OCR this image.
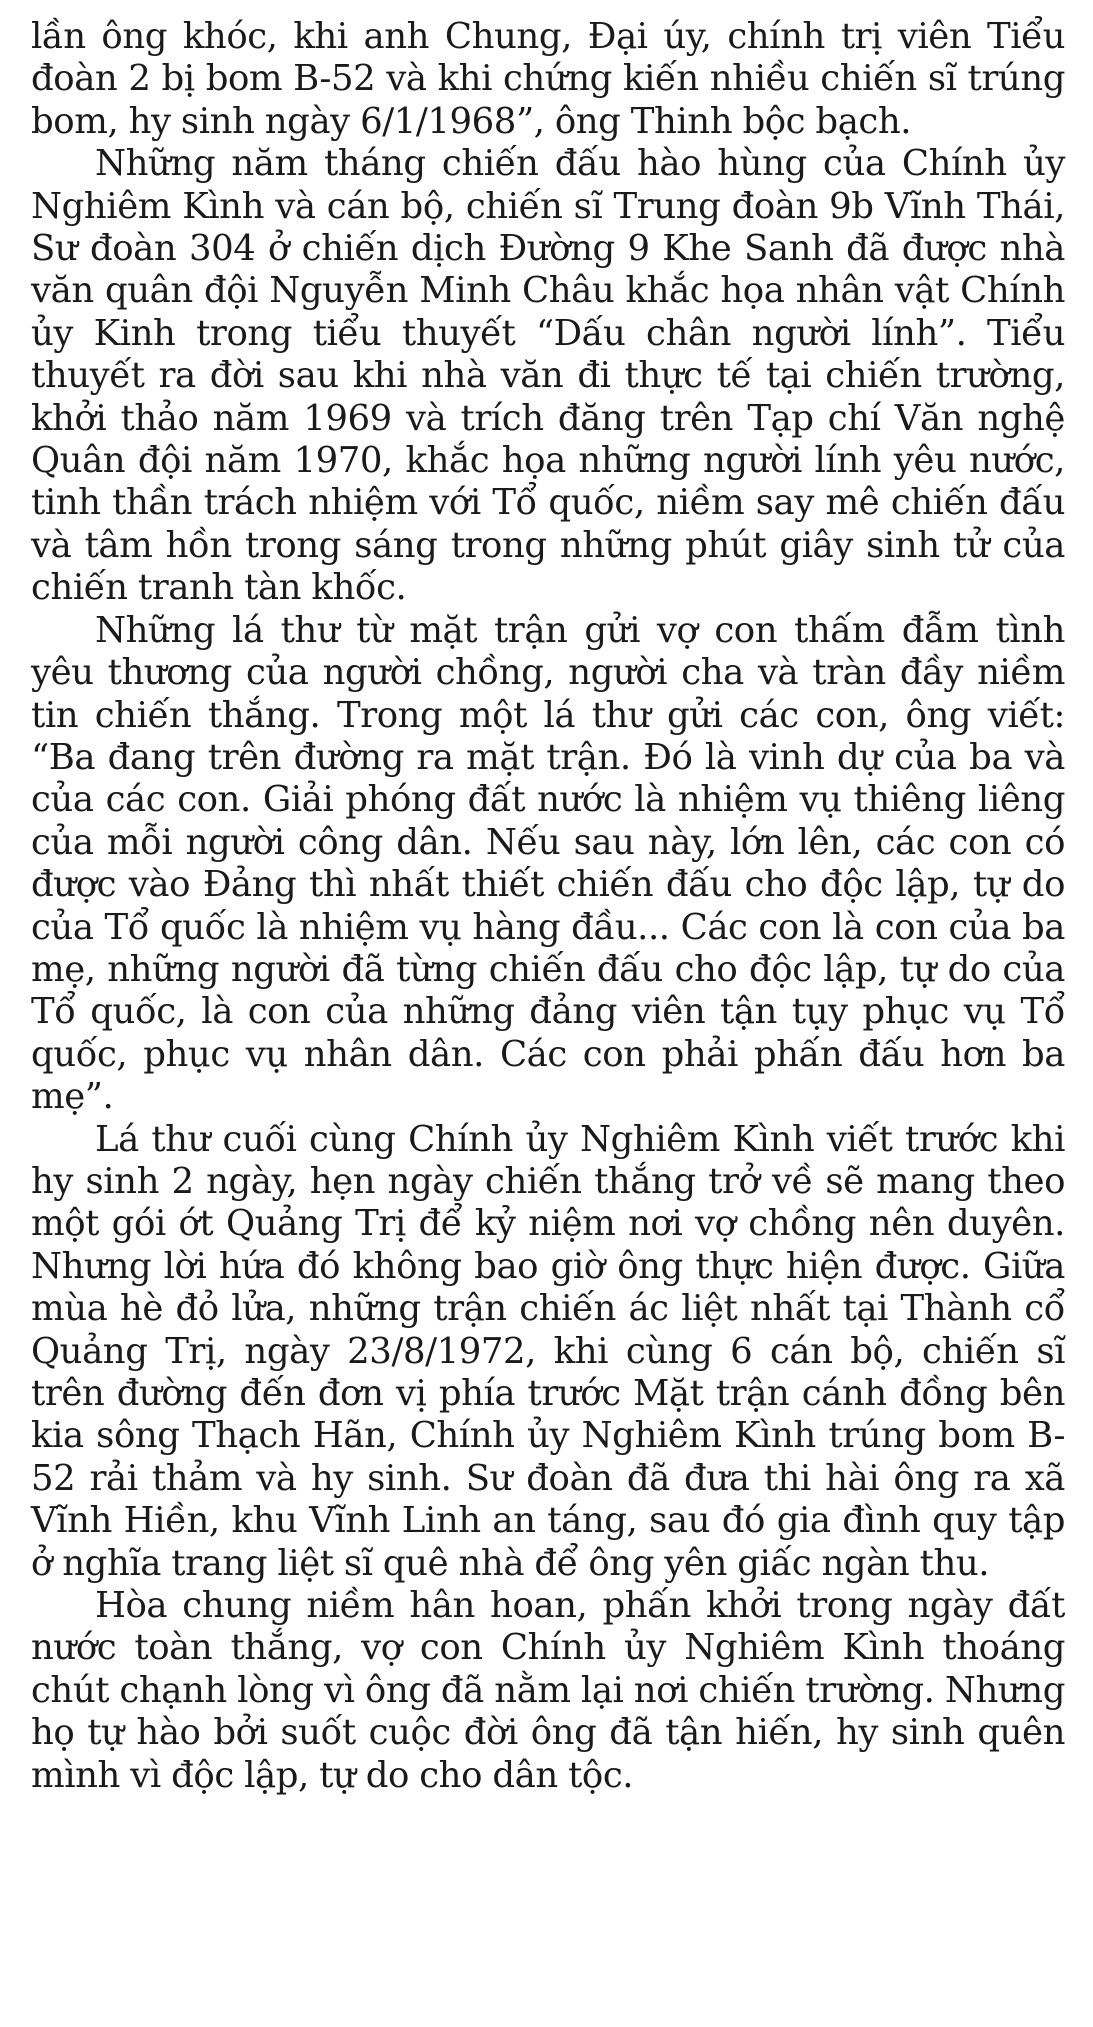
lần ông khóc, khi anh Chung, Đại úy, chính trị viên Tiểu đoàn 2 bị bom B-52 và khi chứng kiến nhiều chiến sĩ trúng bom, hy sinh ngày 6/1/1968”, ông Thinh bộc bạch.

Những năm tháng chiến đấu hào hùng của Chính ủy Nghiêm Kình và cán bộ, chiến sĩ Trung đoàn 9b Vĩnh Thái, Sư đoàn 304 ở chiến dịch Đường 9 Khe Sanh đã được nhà văn quân đội Nguyễn Minh Châu khắc họa nhân vật Chính ủy Kinh trong tiểu thuyết “Dấu chân người lính”. Tiểu thuyết ra đời sau khi nhà văn đi thực tế tại chiến trường, khởi thảo năm 1969 và trích đăng trên Tạp chí Văn nghệ Quân đội năm 1970, khắc họa những người lính yêu nước, tinh thần trách nhiệm với Tổ quốc, niềm say mê chiến đấu và tâm hồn trong sáng trong những phút giây sinh tử của chiến tranh tàn khốc.

Những lá thư từ mặt trận gửi vợ con thấm đẫm tình yêu thương của người chồng, người cha và tràn đầy niềm tin chiến thắng. Trong một lá thư gửi các con, ông viết: “Ba đang trên đường ra mặt trận. Đó là vinh dự của ba và của các con. Giải phóng đất nước là nhiệm vụ thiêng liêng của mỗi người công dân. Nếu sau này, lớn lên, các con có được vào Đảng thì nhất thiết chiến đấu cho độc lập, tự do của Tổ quốc là nhiệm vụ hàng đầu... Các con là con của ba mẹ, những người đã từng chiến đấu cho độc lập, tự do của Tổ quốc, là con của những đảng viên tận tụy phục vụ Tổ quốc, phục vụ nhân dân. Các con phải phấn đấu hơn ba mẹ”.

Lá thư cuối cùng Chính ủy Nghiêm Kình viết trước khi hy sinh 2 ngày, hẹn ngày chiến thắng trở về sẽ mang theo một gói ớt Quảng Trị để kỷ niệm nơi vợ chồng nên duyên. Nhưng lời hứa đó không bao giờ ông thực hiện được. Giữa mùa hè đỏ lửa, những trận chiến ác liệt nhất tại Thành cổ Quảng Trị, ngày 23/8/1972, khi cùng 6 cán bộ, chiến sĩ trên đường đến đơn vị phía trước Mặt trận cánh đồng bên kia sông Thạch Hãn, Chính ủy Nghiêm Kình trúng bom B-52 rải thảm và hy sinh. Sư đoàn đã đưa thi hài ông ra xã Vĩnh Hiền, khu Vĩnh Linh an táng, sau đó gia đình quy tập ở nghĩa trang liệt sĩ quê nhà để ông yên giấc ngàn thu.

Hòa chung niềm hân hoan, phấn khởi trong ngày đất nước toàn thắng, vợ con Chính ủy Nghiêm Kình thoáng chút chạnh lòng vì ông đã nằm lại nơi chiến trường. Nhưng họ tự hào bởi suốt cuộc đời ông đã tận hiến, hy sinh quên mình vì độc lập, tự do cho dân tộc.
